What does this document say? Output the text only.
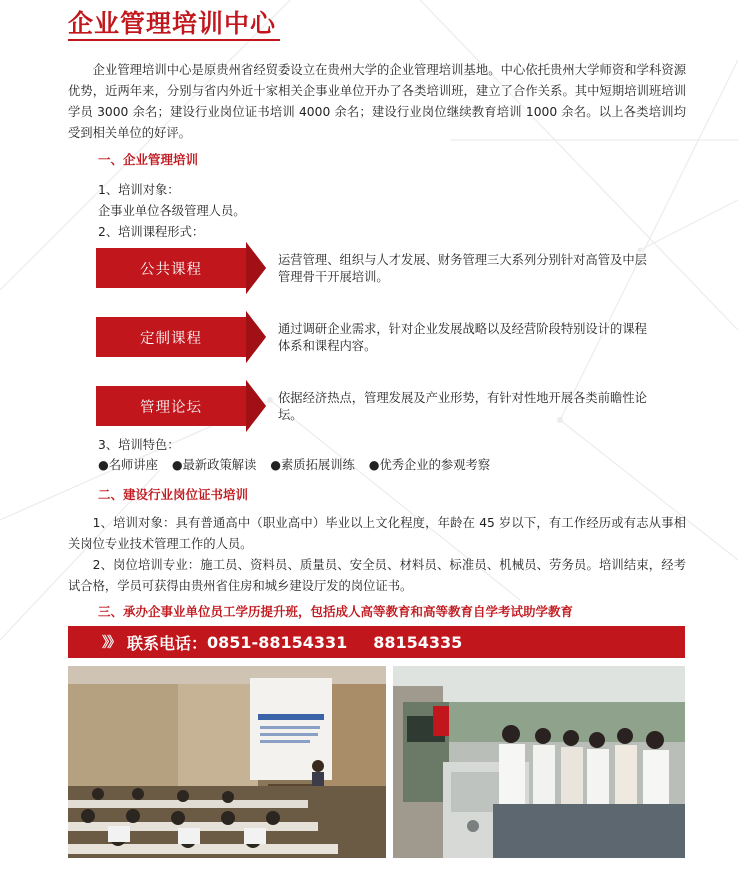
企业管理培训中心
企业管理培训中心是原贵州省经贸委设立在贵州大学的企业管理培训基地。中心依托贵州大学师资和学科资源优势，近两年来，分别与省内外近十家相关企事业单位开办了各类培训班，建立了合作关系。其中短期培训班培训学员 3000 余名；建设行业岗位证书培训 4000 余名；建设行业岗位继续教育培训 1000 余名。以上各类培训均受到相关单位的好评。
一、企业管理培训
1、培训对象：
企事业单位各级管理人员。
2、培训课程形式：
公共课程
运营管理、组织与人才发展、财务管理三大系列分别针对高管及中层管理骨干开展培训。
定制课程
通过调研企业需求，针对企业发展战略以及经营阶段特别设计的课程体系和课程内容。
管理论坛
依据经济热点，管理发展及产业形势，有针对性地开展各类前瞻性论坛。
3、培训特色：
●名师讲座 ●最新政策解读 ●素质拓展训练 ●优秀企业的参观考察
二、建设行业岗位证书培训
1、培训对象：具有普通高中（职业高中）毕业以上文化程度，年龄在 45 岁以下，有工作经历或有志从事相关岗位专业技术管理工作的人员。
2、岗位培训专业：施工员、资料员、质量员、安全员、材料员、标准员、机械员、劳务员。培训结束，经考试合格，学员可获得由贵州省住房和城乡建设厅发的岗位证书。
三、承办企事业单位员工学历提升班，包括成人高等教育和高等教育自学考试助学教育
》》 联系电话： 0851-88154331 88154335
